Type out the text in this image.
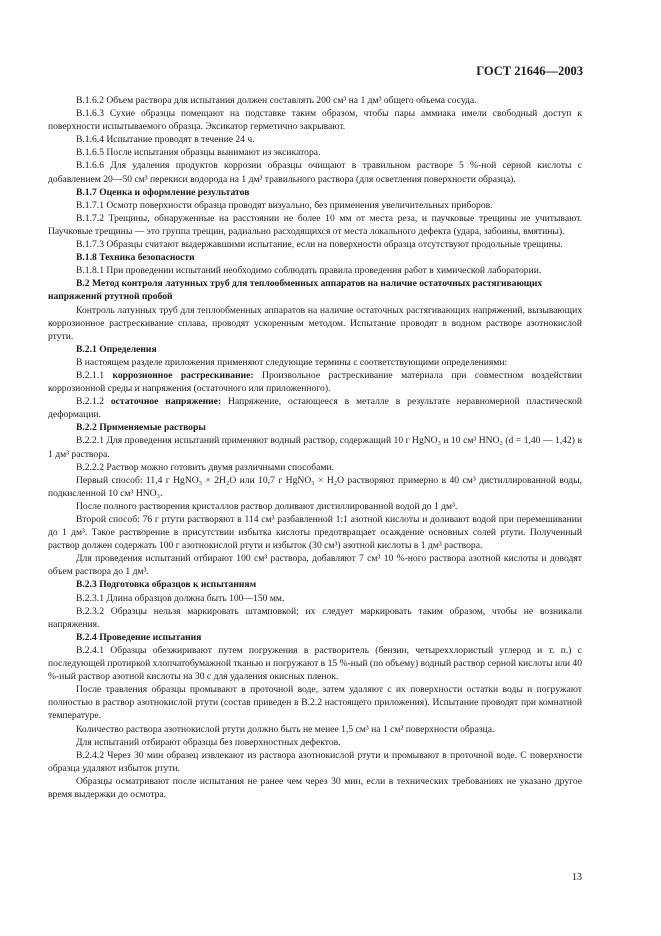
ГОСТ 21646—2003

В.1.6.2 Объем раствора для испытания должен составлять 200 см³ на 1 дм³ общего объема сосуда.

В.1.6.3 Сухие образцы помещают на подставке таким образом, чтобы пары аммиака имели свободный доступ к поверхности испытываемого образца. Эксикатор герметично закрывают.

В.1.6.4 Испытание проводят в течение 24 ч.

В.1.6.5 После испытания образцы вынимают из эксикатора.

В.1.6.6 Для удаления продуктов коррозии образцы очищают в травильном растворе 5 %-ной серной кислоты с добавлением 20—50 см³ перекиси водорода на 1 дм³ травильного раствора (для осветления поверхности образца).

В.1.7 Оценка и оформление результатов

В.1.7.1 Осмотр поверхности образца проводят визуально, без применения увеличительных приборов.

В.1.7.2 Трещины, обнаруженные на расстоянии не более 10 мм от места реза, и паучковые трещины не учитывают. Паучковые трещины — это группа трещин, радиально расходящихся от места локального дефекта (удара, забоины, вмятины).

В.1.7.3 Образцы считают выдержавшими испытание, если на поверхности образца отсутствуют продольные трещины.

В.1.8 Техника безопасности

В.1.8.1 При проведении испытаний необходимо соблюдать правила проведения работ в химической лаборатории.

В.2 Метод контроля латунных труб для теплообменных аппаратов на наличие остаточных растягивающих напряжений ртутной пробой

Контроль латунных труб для теплообменных аппаратов на наличие остаточных растягивающих напряжений, вызывающих коррозионное растрескивание сплава, проводят ускоренным методом. Испытание проводят в водном растворе азотнокислой ртути.

В.2.1 Определения

В настоящем разделе приложения применяют следующие термины с соответствующими определениями:

В.2.1.1 коррозионное растрескивание: Произвольное растрескивание материала при совместном воздействии коррозионной среды и напряжения (остаточного или приложенного).

В.2.1.2 остаточное напряжение: Напряжение, остающееся в металле в результате неравномерной пластической деформации.

В.2.2 Применяемые растворы

В.2.2.1 Для проведения испытаний применяют водный раствор, содержащий 10 г HgNO₃ и 10 см³ HNO₃ (d = 1,40 — 1,42) в 1 дм³ раствора.

В.2.2.2 Раствор можно готовить двумя различными способами.

Первый способ: 11,4 г HgNO₃ × 2H₂O или 10,7 г HgNO₃ × H₂O растворяют примерно в 40 см³ дистиллированной воды, подкисленной 10 см³ HNO₃.

После полного растворения кристаллов раствор доливают дистиллированной водой до 1 дм³.

Второй способ: 76 г ртути растворяют в 114 см³ разбавленной 1:1 азотной кислоты и доливают водой при перемешивании до 1 дм³. Такое растворение в присутствии избытка кислоты предотвращает осаждение основных солей ртути. Полученный раствор должен содержать 100 г азотнокислой ртути и избыток (30 см³) азотной кислоты в 1 дм³ раствора.

Для проведения испытаний отбирают 100 см³ раствора, добавляют 7 см³ 10 %-ного раствора азотной кислоты и доводят объем раствора до 1 дм³.

В.2.3 Подготовка образцов к испытаниям

В.2.3.1 Длина образцов должна быть 100—150 мм.

В.2.3.2 Образцы нельзя маркировать штамповкой; их следует маркировать таким образом, чтобы не возникали напряжения.

В.2.4 Проведение испытания

В.2.4.1 Образцы обезжиривают путем погружения в растворитель (бензин, четыреххлористый углерод и т. п.) с последующей протиркой хлопчатобумажной тканью и погружают в 15 %-ный (по объему) водный раствор серной кислоты или 40 %-ный раствор азотной кислоты на 30 с для удаления окисных пленок.

После травления образцы промывают в проточной воде, затем удаляют с их поверхности остатки воды и погружают полностью в раствор азотнокислой ртути (состав приведен в В.2.2 настоящего приложения). Испытание проводят при комнатной температуре.

Количество раствора азотнокислой ртути должно быть не менее 1,5 см³ на 1 см² поверхности образца.

Для испытаний отбирают образцы без поверхностных дефектов.

В.2.4.2 Через 30 мин образец извлекают из раствора азотнокислой ртути и промывают в проточной воде. С поверхности образца удаляют избыток ртути.

Образцы осматривают после испытания не ранее чем через 30 мин, если в технических требованиях не указано другое время выдержки до осмотра.

13
